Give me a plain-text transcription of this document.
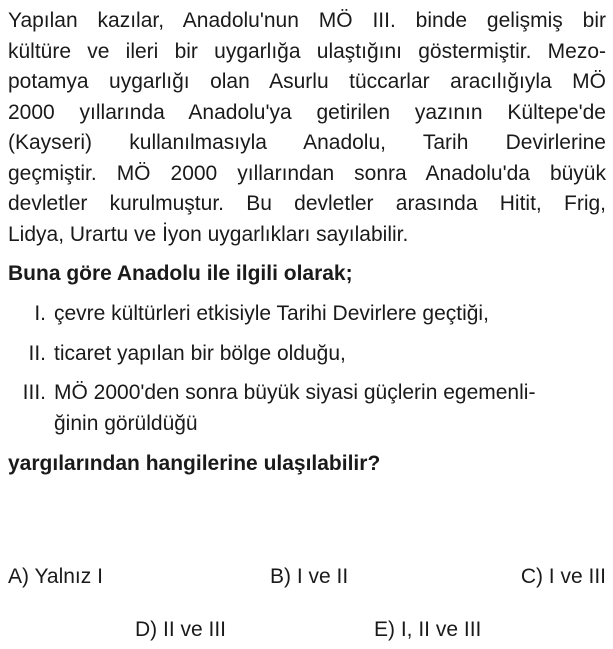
Yapılan kazılar, Anadolu'nun MÖ III. binde gelişmiş bir
kültüre ve ileri bir uygarlığa ulaştığını göstermiştir. Mezo-
potamya uygarlığı olan Asurlu tüccarlar aracılığıyla MÖ
2000 yıllarında Anadolu'ya getirilen yazının Kültepe'de
(Kayseri) kullanılmasıyla Anadolu, Tarih Devirlerine
geçmiştir. MÖ 2000 yıllarından sonra Anadolu'da büyük
devletler kurulmuştur. Bu devletler arasında Hitit, Frig,
Lidya, Urartu ve İyon uygarlıkları sayılabilir.

Buna göre Anadolu ile ilgili olarak;

I. çevre kültürleri etkisiyle Tarihi Devirlere geçtiği,
II. ticaret yapılan bir bölge olduğu,
III. MÖ 2000'den sonra büyük siyasi güçlerin egemenli-
ğinin görüldüğü

yargılarından hangilerine ulaşılabilir?

A) Yalnız I	B) I ve II	C) I ve III
D) II ve III	E) I, II ve III
